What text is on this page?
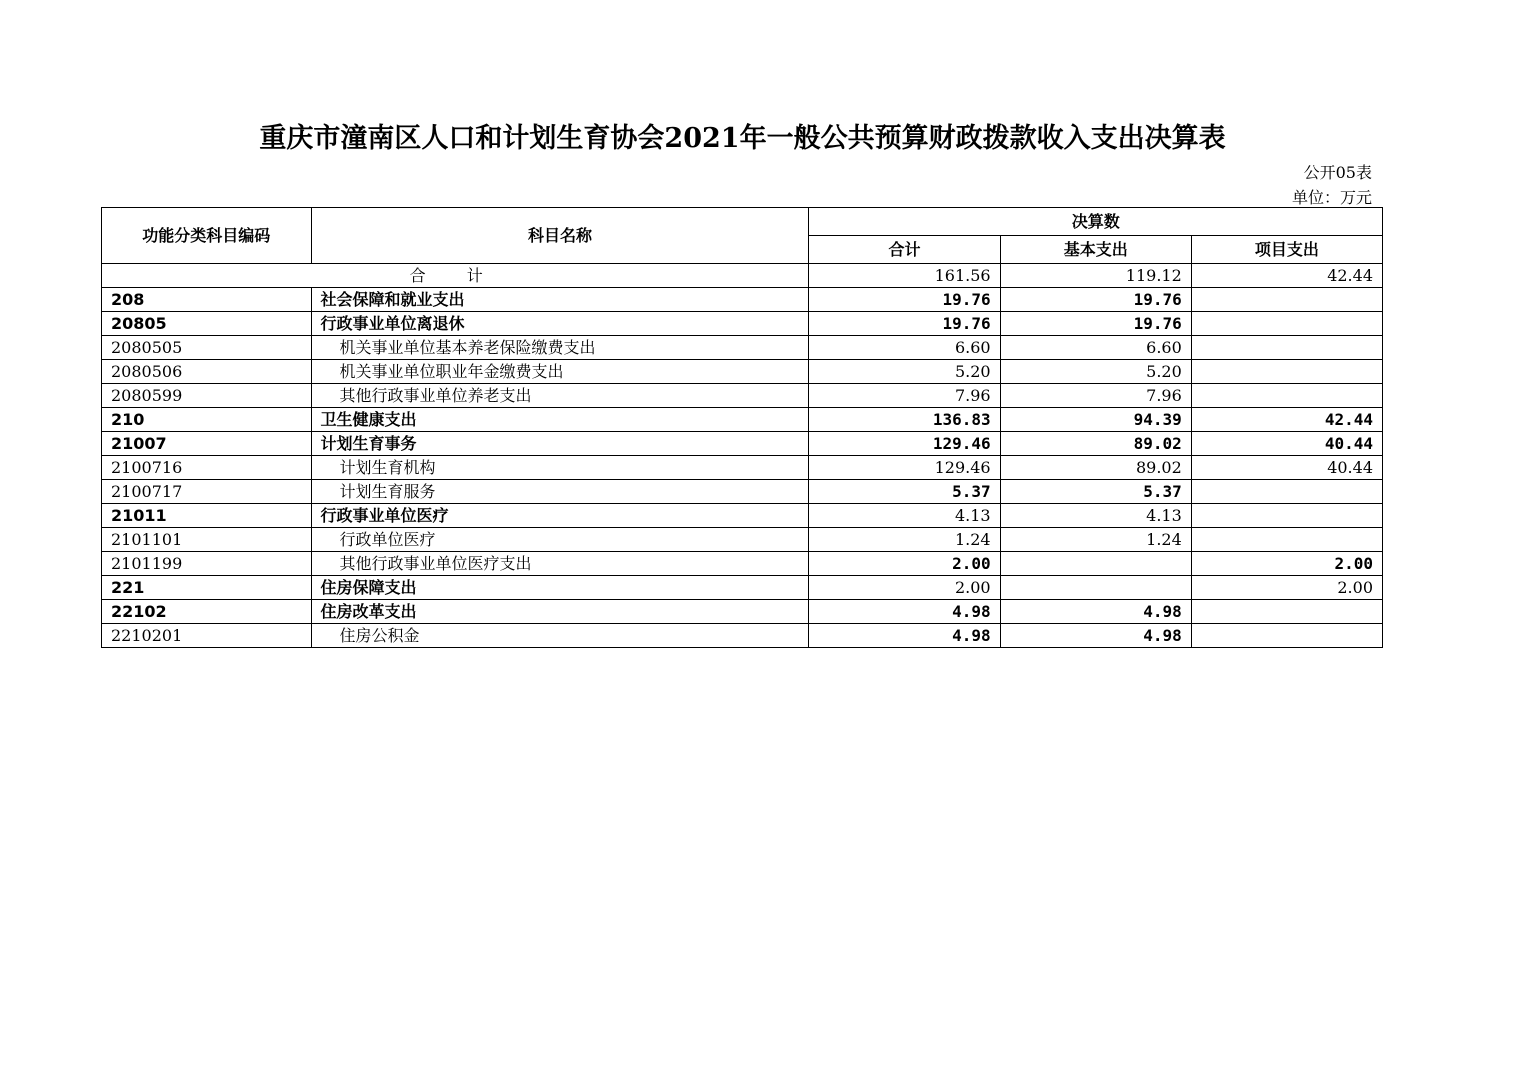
重庆市潼南区人口和计划生育协会2021年一般公共预算财政拨款收入支出决算表
公开05表
单位：万元
功能分类科目编码	科目名称	决算数		
		合计	基本支出	项目支出
合 计		161.56	119.12	42.44
208	社会保障和就业支出	19.76	19.76	
20805	行政事业单位离退休	19.76	19.76	
2080505	机关事业单位基本养老保险缴费支出	6.60	6.60	
2080506	机关事业单位职业年金缴费支出	5.20	5.20	
2080599	其他行政事业单位养老支出	7.96	7.96	
210	卫生健康支出	136.83	94.39	42.44
21007	计划生育事务	129.46	89.02	40.44
2100716	计划生育机构	129.46	89.02	40.44
2100717	计划生育服务	5.37	5.37	
21011	行政事业单位医疗	4.13	4.13	
2101101	行政单位医疗	1.24	1.24	
2101199	其他行政事业单位医疗支出	2.00		2.00
221	住房保障支出	2.00		2.00
22102	住房改革支出	4.98	4.98	
2210201	住房公积金	4.98	4.98	
